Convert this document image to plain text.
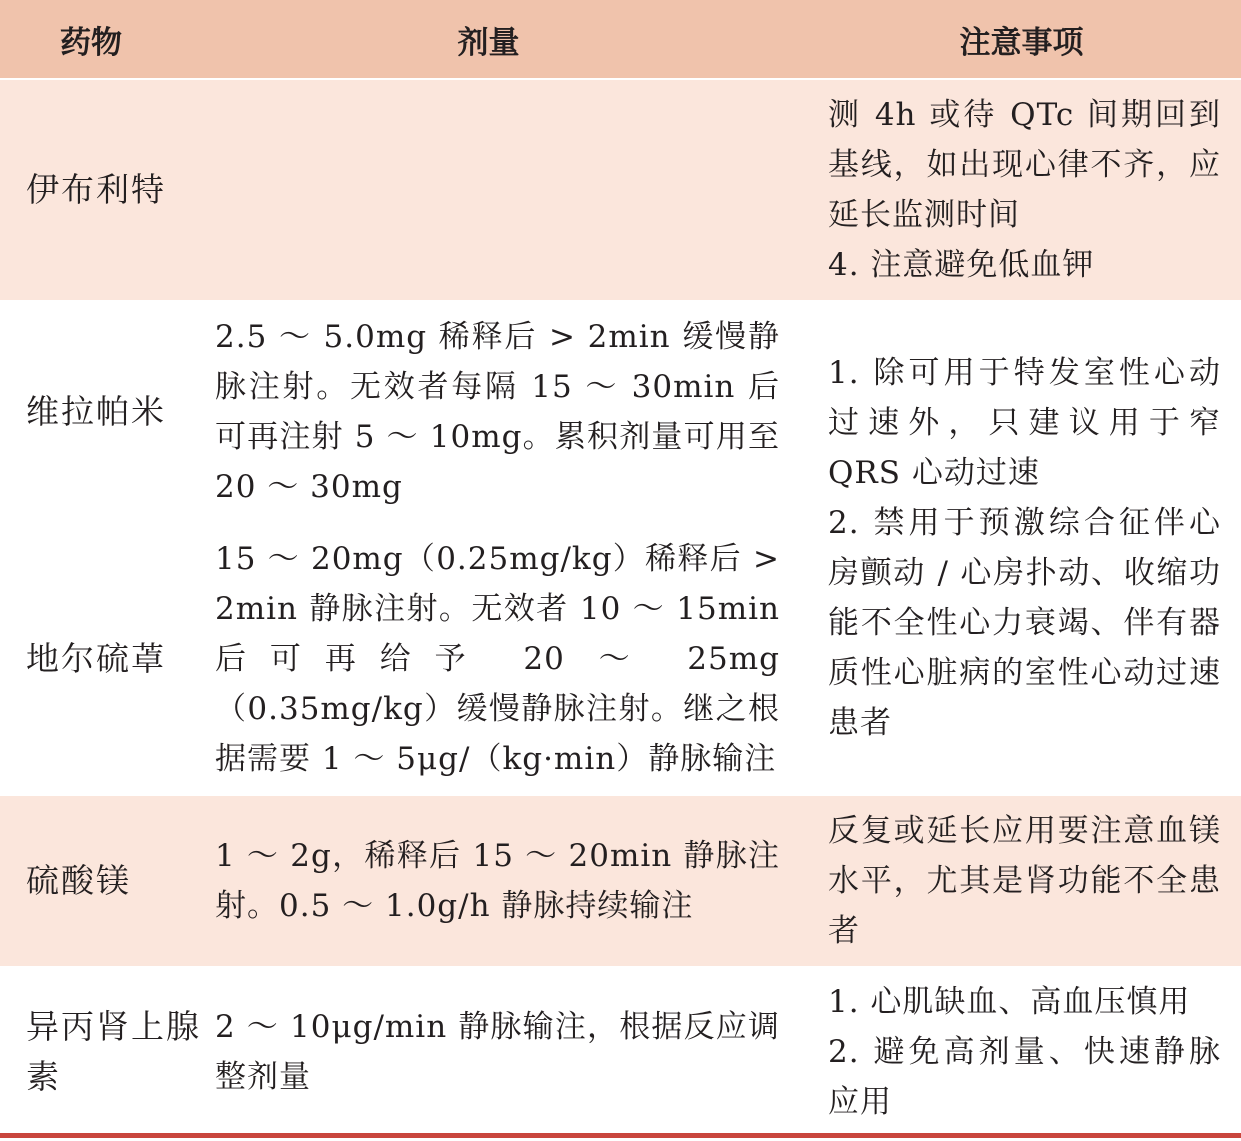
药物	剂量	注意事项
伊布利特		测 4h 或待 QTc 间期回到基线，如出现心律不齐，应延长监测时间
4. 注意避免低血钾

维拉帕米	2.5 ～ 5.0mg 稀释后 > 2min 缓慢静脉注射。无效者每隔 15 ～ 30min 后可再注射 5 ～ 10mg。累积剂量可用至 20 ～ 30mg	1. 除可用于特发室性心动过速外，只建议用于窄 QRS 心动过速
2. 禁用于预激综合征伴心房颤动 / 心房扑动、收缩功能不全性心力衰竭、伴有器质性心脏病的室性心动过速患者

地尔硫䓬	15 ～ 20mg（0.25mg/kg）稀释后 > 2min 静脉注射。无效者 10 ～ 15min 后可再给予 20 ～ 25mg（0.35mg/kg）缓慢静脉注射。继之根据需要 1 ～ 5μg/（kg·min）静脉输注	
硫酸镁	1 ～ 2g，稀释后 15 ～ 20min 静脉注射。0.5 ～ 1.0g/h 静脉持续输注	反复或延长应用要注意血镁水平，尤其是肾功能不全患者

异丙肾上腺素	2 ～ 10μg/min 静脉输注，根据反应调整剂量	1. 心肌缺血、高血压慎用
2. 避免高剂量、快速静脉应用
